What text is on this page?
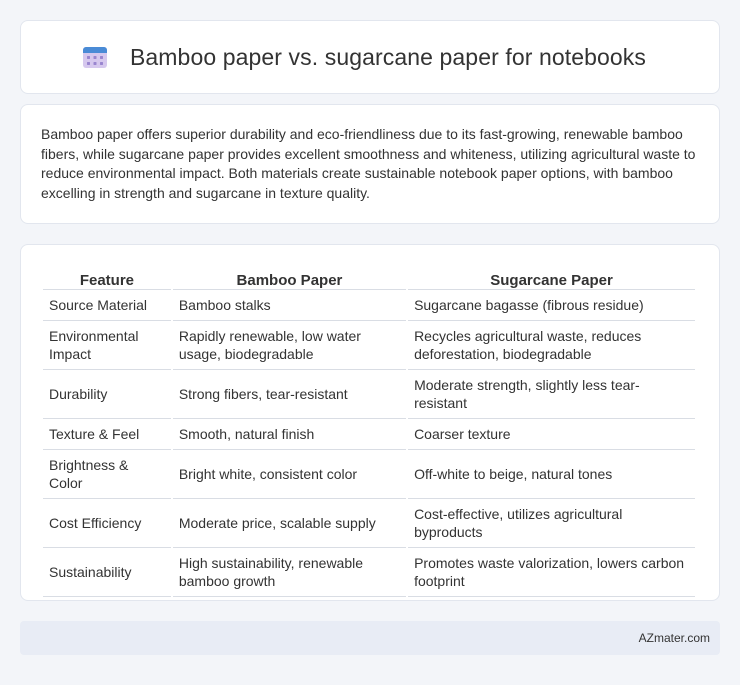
Bamboo paper vs. sugarcane paper for notebooks

Bamboo paper offers superior durability and eco-friendliness due to its fast-growing, renewable bamboo fibers, while sugarcane paper provides excellent smoothness and whiteness, utilizing agricultural waste to reduce environmental impact. Both materials create sustainable notebook paper options, with bamboo excelling in strength and sugarcane in texture quality.

Feature	Bamboo Paper	Sugarcane Paper
Source Material	Bamboo stalks	Sugarcane bagasse (fibrous residue)
Environmental Impact	Rapidly renewable, low water usage, biodegradable	Recycles agricultural waste, reduces deforestation, biodegradable
Durability	Strong fibers, tear-resistant	Moderate strength, slightly less tear-resistant
Texture & Feel	Smooth, natural finish	Coarser texture
Brightness & Color	Bright white, consistent color	Off-white to beige, natural tones
Cost Efficiency	Moderate price, scalable supply	Cost-effective, utilizes agricultural byproducts
Sustainability	High sustainability, renewable bamboo growth	Promotes waste valorization, lowers carbon footprint
AZmater.com
